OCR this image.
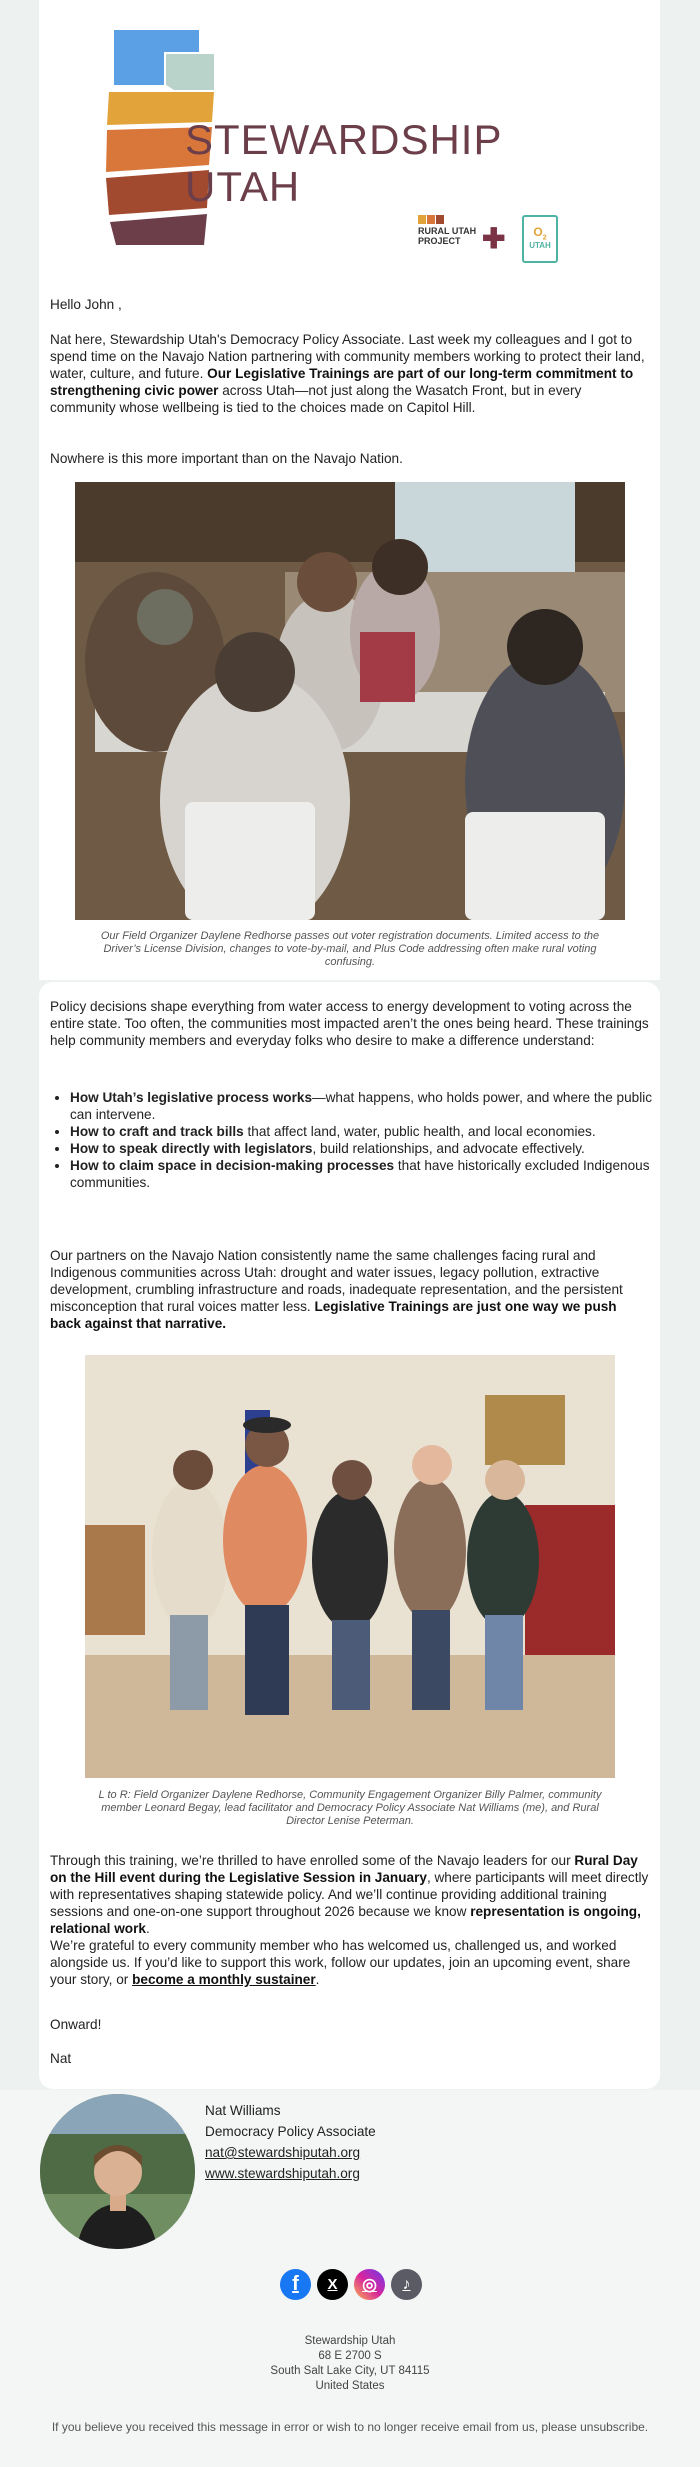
STEWARDSHIP
UTAH
RURAL UTAH
PROJECT ✚	$O_2$
UTAH

Hello John ,

Nat here, Stewardship Utah's Democracy Policy Associate. Last week my colleagues and I got to spend time on the Navajo Nation partnering with community members working to protect their land, water, culture, and future. Our Legislative Trainings are part of our long-term commitment to strengthening civic power across Utah—not just along the Wasatch Front, but in every community whose wellbeing is tied to the choices made on Capitol Hill.

Nowhere is this more important than on the Navajo Nation.

Our Field Organizer Daylene Redhorse passes out voter registration documents. Limited access to the Driver’s License Division, changes to vote-by-mail, and Plus Code addressing often make rural voting confusing.

Policy decisions shape everything from water access to energy development to voting across the entire state. Too often, the communities most impacted aren’t the ones being heard. These trainings help community members and everyday folks who desire to make a difference understand:

• How Utah’s legislative process works—what happens, who holds power, and where the public can intervene.
• How to craft and track bills that affect land, water, public health, and local economies.
• How to speak directly with legislators, build relationships, and advocate effectively.
• How to claim space in decision-making processes that have historically excluded Indigenous communities.

Our partners on the Navajo Nation consistently name the same challenges facing rural and Indigenous communities across Utah: drought and water issues, legacy pollution, extractive development, crumbling infrastructure and roads, inadequate representation, and the persistent misconception that rural voices matter less. Legislative Trainings are just one way we push back against that narrative.

L to R: Field Organizer Daylene Redhorse, Community Engagement Organizer Billy Palmer, community member Leonard Begay, lead facilitator and Democracy Policy Associate Nat Williams (me), and Rural Director Lenise Peterman.

Through this training, we’re thrilled to have enrolled some of the Navajo leaders for our Rural Day on the Hill event during the Legislative Session in January, where participants will meet directly with representatives shaping statewide policy. And we’ll continue providing additional training sessions and one-on-one support throughout 2026 because we know representation is ongoing, relational work.

We’re grateful to every community member who has welcomed us, challenged us, and worked alongside us. If you’d like to support this work, follow our updates, join an upcoming event, share your story, or become a monthly sustainer.

Onward!

Nat

Nat Williams
Democracy Policy Associate
nat@stewardshiputah.org
www.stewardshiputah.org
f	X	◎	♪
Stewardship Utah
68 E 2700 S
South Salt Lake City, UT 84115
United States
If you believe you received this message in error or wish to no longer receive email from us, please unsubscribe.
